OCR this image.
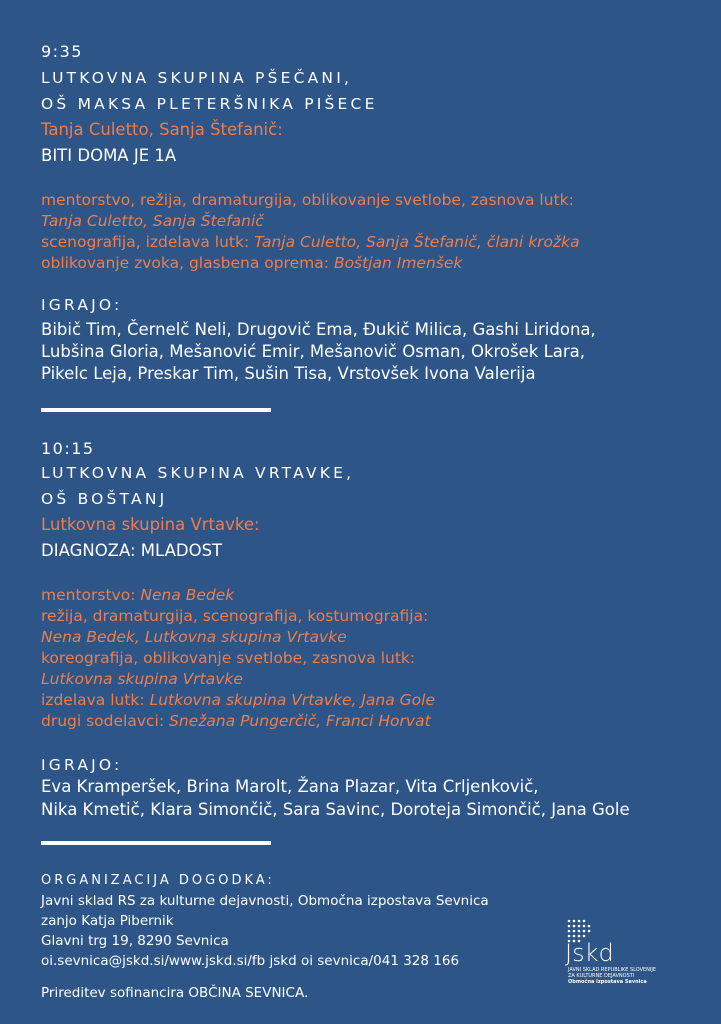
9:35
LUTKOVNA SKUPINA PŠEČANI,
OŠ MAKSA PLETERŠNIKA PIŠECE
Tanja Culetto, Sanja Štefanič:
BITI DOMA JE 1A
mentorstvo, režija, dramaturgija, oblikovanje svetlobe, zasnova lutk:
Tanja Culetto, Sanja Štefanič
scenografija, izdelava lutk: Tanja Culetto, Sanja Štefanič, člani krožka
oblikovanje zvoka, glasbena oprema: Boštjan Imenšek
IGRAJO:
Bibič Tim, Černelč Neli, Drugovič Ema, Đukič Milica, Gashi Liridona,
Lubšina Gloria, Mešanović Emir, Mešanovič Osman, Okrošek Lara,
Pikelc Leja, Preskar Tim, Sušin Tisa, Vrstovšek Ivona Valerija
10:15
LUTKOVNA SKUPINA VRTAVKE,
OŠ BOŠTANJ
Lutkovna skupina Vrtavke:
DIAGNOZA: MLADOST
mentorstvo: Nena Bedek
režija, dramaturgija, scenografija, kostumografija:
Nena Bedek, Lutkovna skupina Vrtavke
koreografija, oblikovanje svetlobe, zasnova lutk:
Lutkovna skupina Vrtavke
izdelava lutk: Lutkovna skupina Vrtavke, Jana Gole
drugi sodelavci: Snežana Pungerčič, Franci Horvat
IGRAJO:
Eva Kramperšek, Brina Marolt, Žana Plazar, Vita Crljenkovič,
Nika Kmetič, Klara Simončič, Sara Savinc, Doroteja Simončič, Jana Gole
ORGANIZACIJA DOGODKA:
Javni sklad RS za kulturne dejavnosti, Območna izpostava Sevnica
zanjo Katja Pibernik
Glavni trg 19, 8290 Sevnica
oi.sevnica@jskd.si/www.jskd.si/fb jskd oi sevnica/041 328 166
Prireditev sofinancira OBČINA SEVNICA.
Jskd
JAVNI SKLAD REPUBLIKE SLOVENIJE
ZA KULTURNE DEJAVNOSTI
Območna izpostava Sevnica
